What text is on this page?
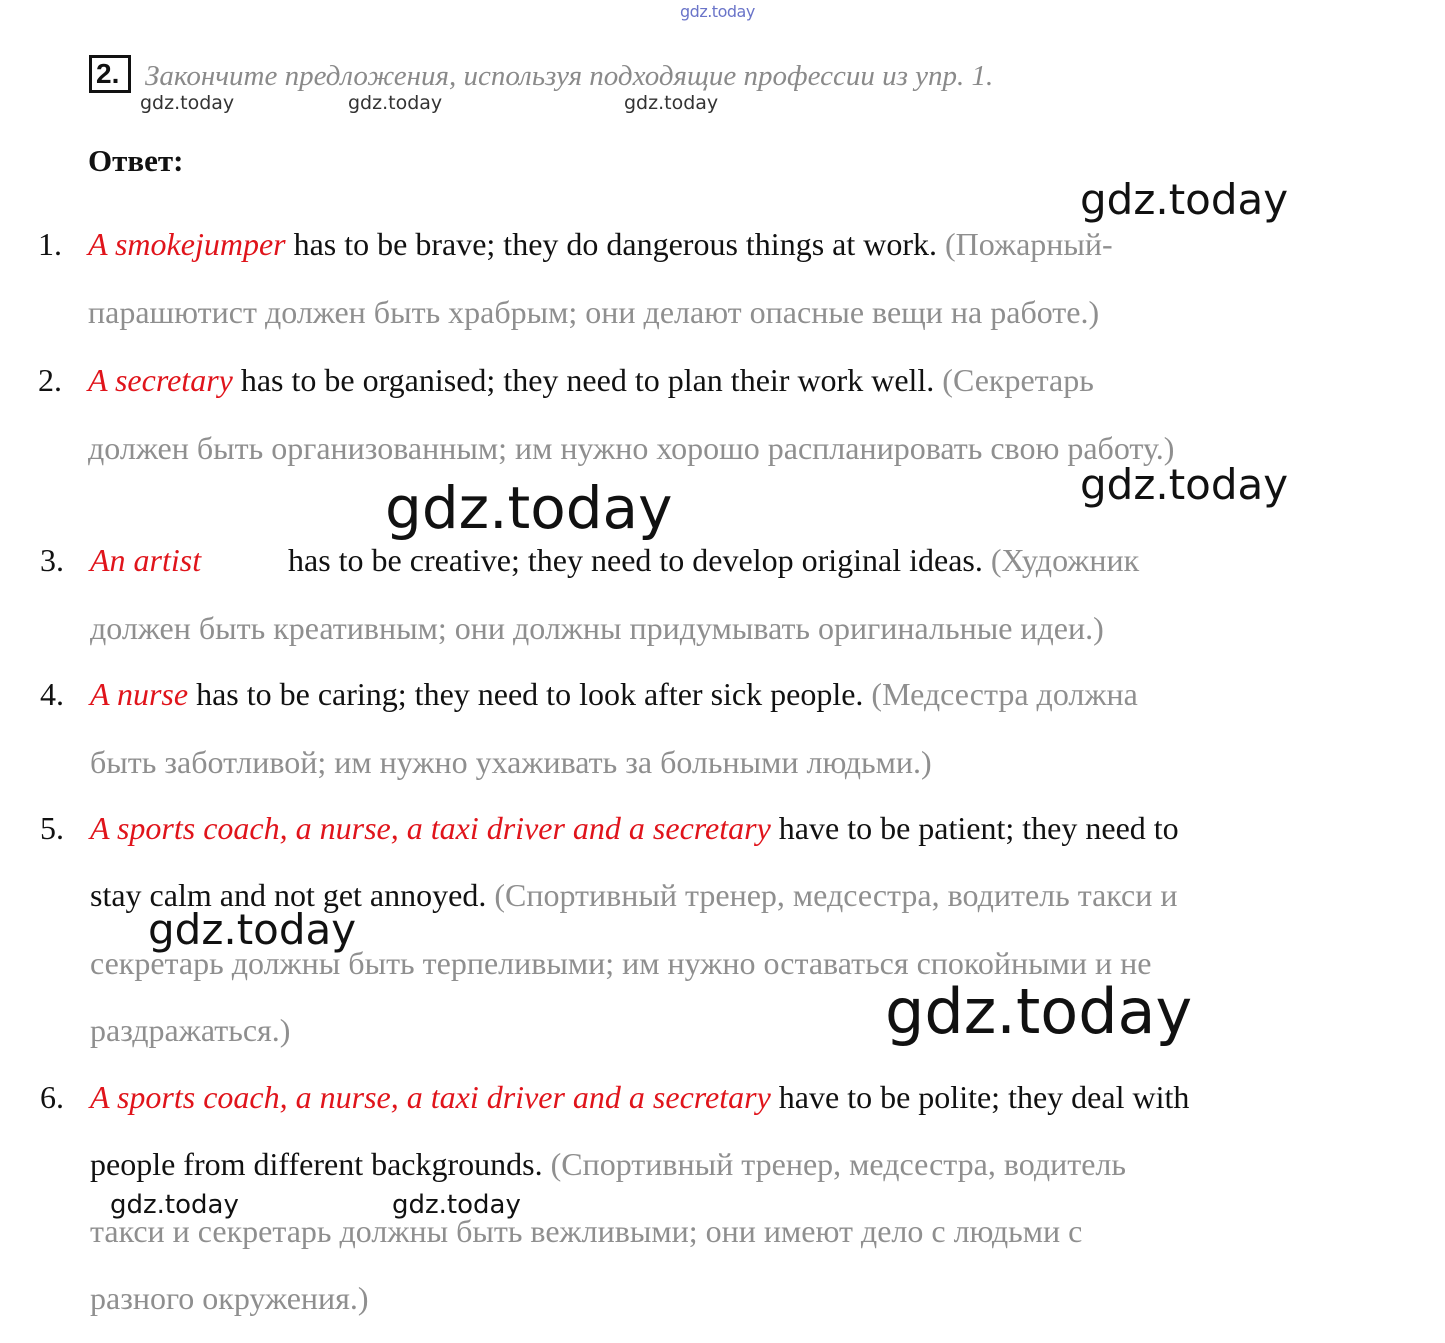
gdz.today
2. Закончите предложения, используя подходящие профессии из упр. 1.
gdz.today	gdz.today	gdz.today
Ответ:
gdz.today
1. A smokejumper has to be brave; they do dangerous things at work. (Пожарный-
парашютист должен быть храбрым; они делают опасные вещи на работе.)
2. A secretary has to be organised; they need to plan their work well. (Секретарь
должен быть организованным; им нужно хорошо распланировать свою работу.)
gdz.today
gdz.today
3. An artist	has to be creative; they need to develop original ideas. (Художник
должен быть креативным; они должны придумывать оригинальные идеи.)
4. A nurse has to be caring; they need to look after sick people. (Медсестра должна
быть заботливой; им нужно ухаживать за больными людьми.)
5. A sports coach, a nurse, a taxi driver and a secretary have to be patient; they need to
stay calm and not get annoyed. (Спортивный тренер, медсестра, водитель такси и
gdz.today
секретарь должны быть терпеливыми; им нужно оставаться спокойными и не
раздражаться.)	gdz.today
6. A sports coach, a nurse, a taxi driver and a secretary have to be polite; they deal with
people from different backgrounds. (Спортивный тренер, медсестра, водитель
gdz.today	gdz.today
такси и секретарь должны быть вежливыми; они имеют дело с людьми с
разного окружения.)
